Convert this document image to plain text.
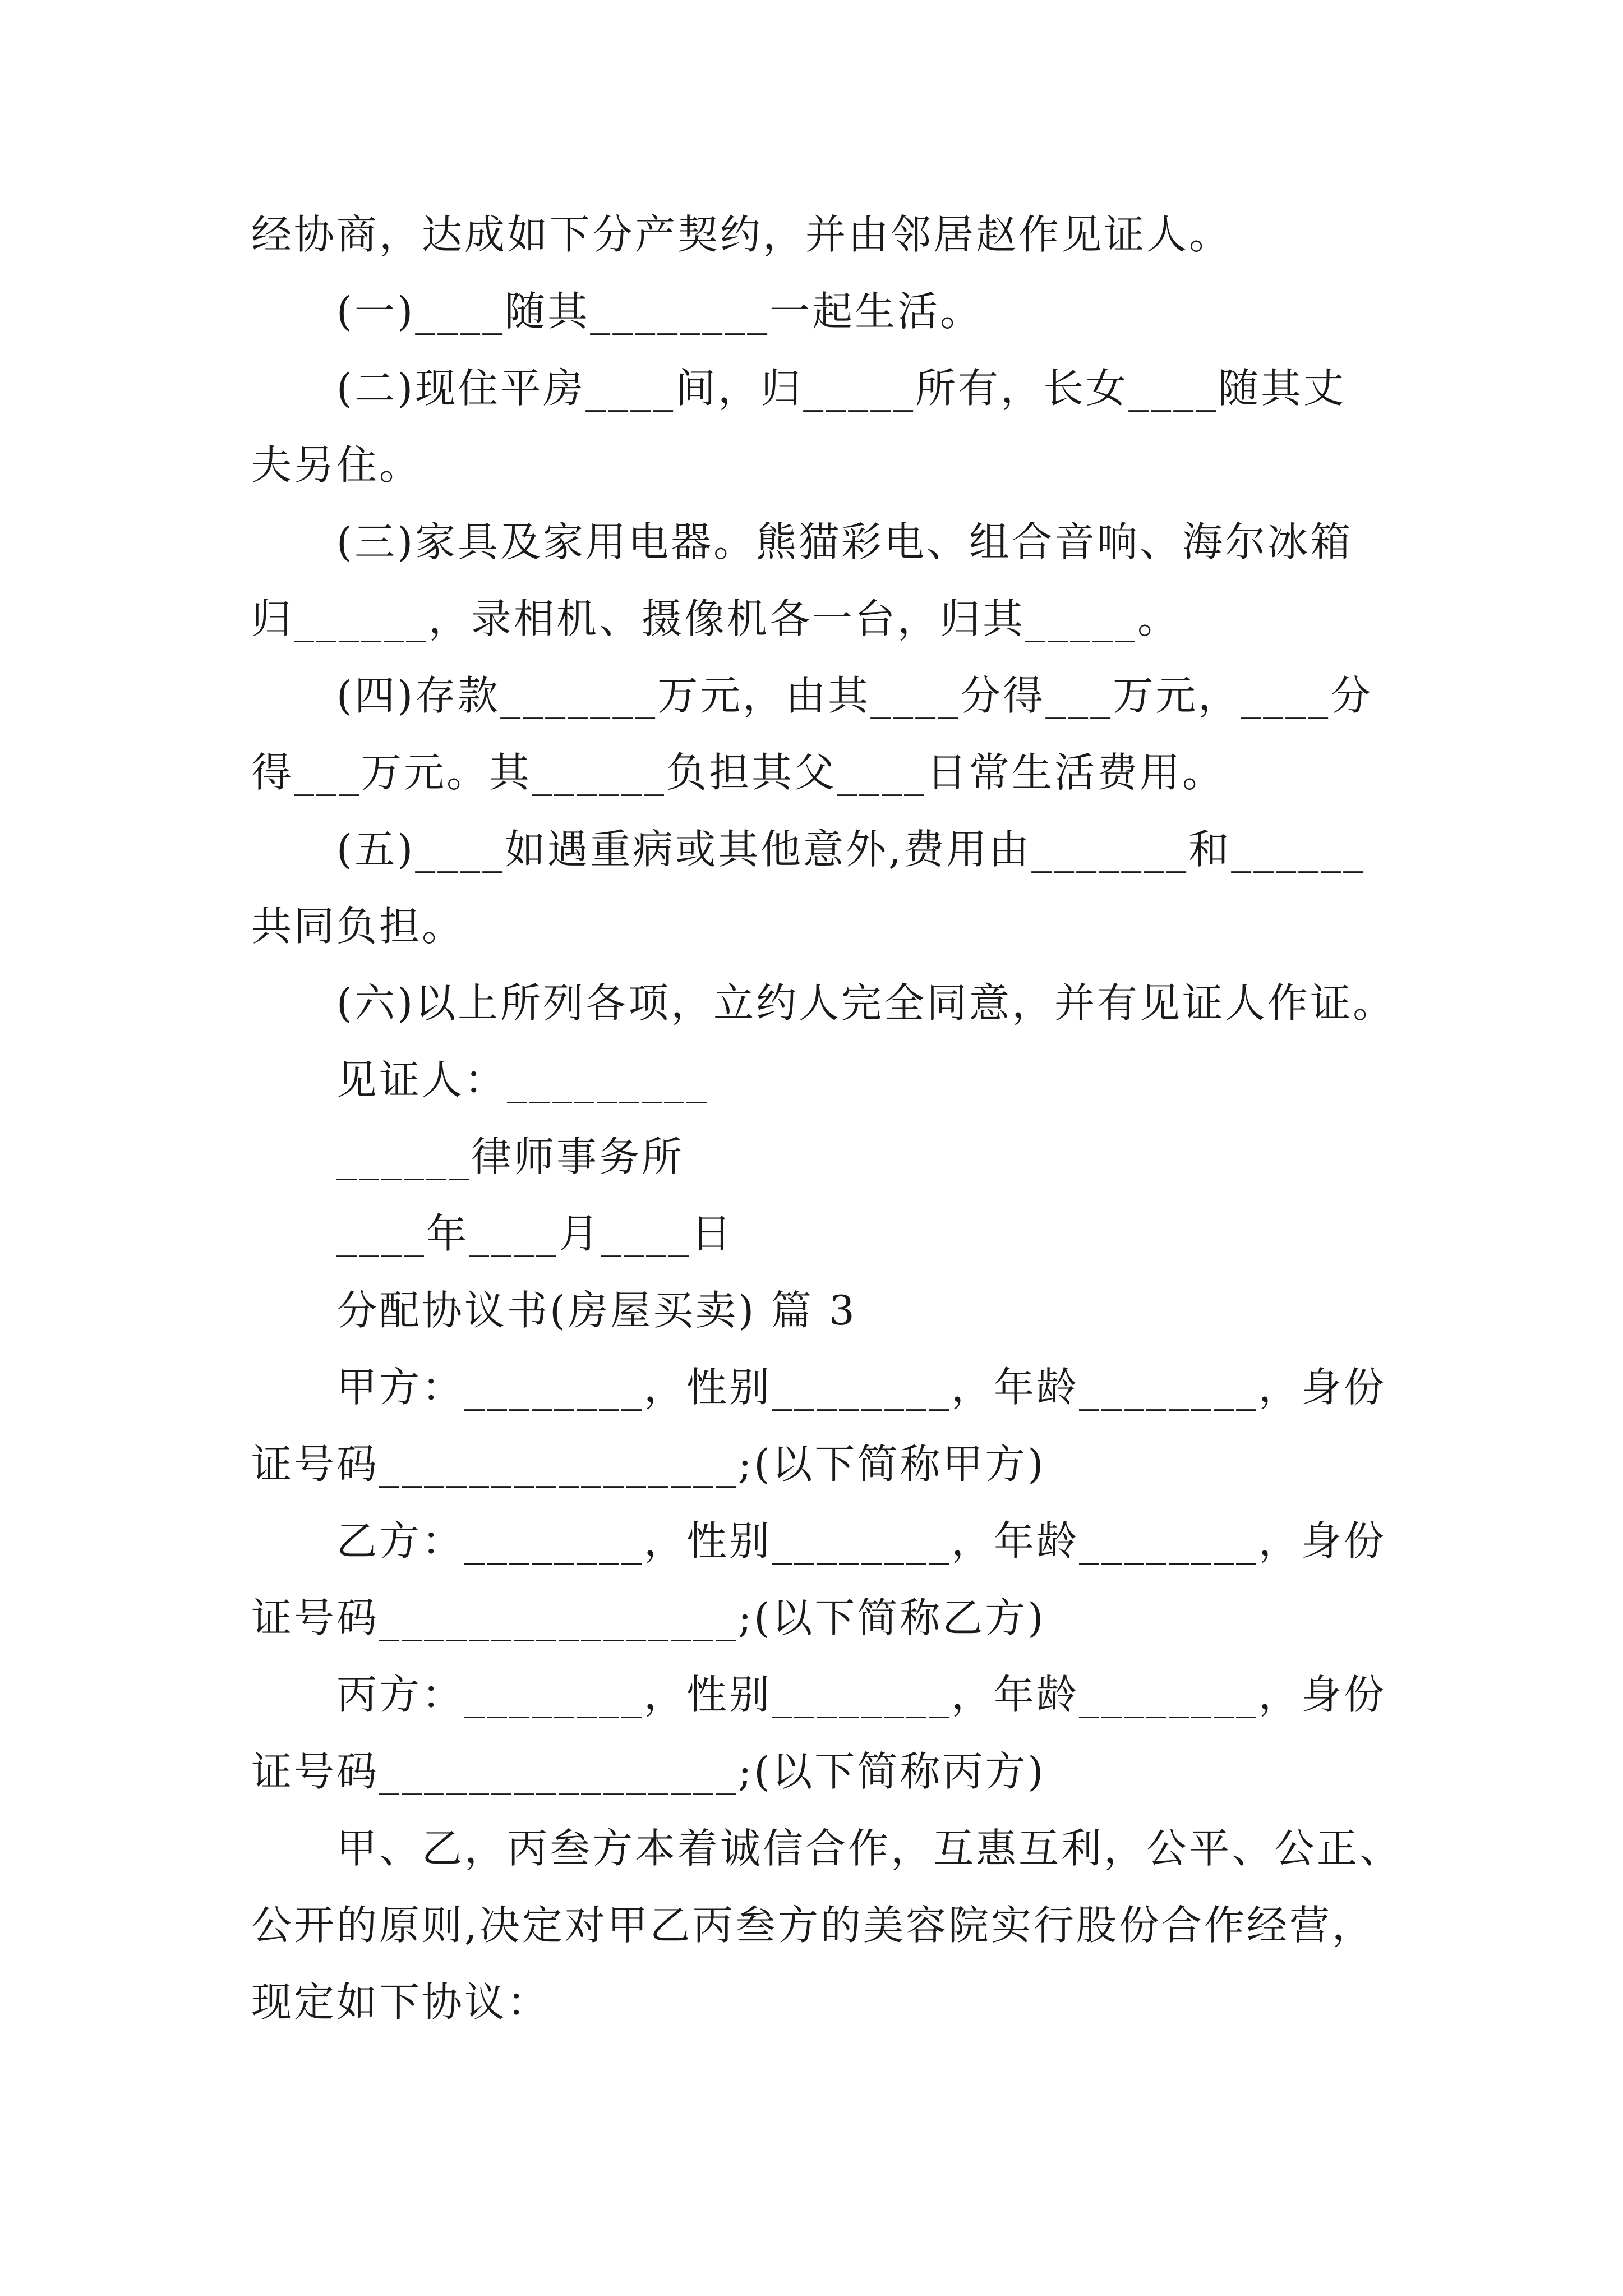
经协商，达成如下分产契约，并由邻居赵作见证人。
(一)____随其________一起生活。
(二)现住平房____间，归_____所有，长女____随其丈
夫另住。
(三)家具及家用电器。熊猫彩电、组合音响、海尔冰箱
归______，录相机、摄像机各一台，归其_____。
(四)存款_______万元，由其____分得___万元，____分
得___万元。其______负担其父____日常生活费用。
(五)____如遇重病或其他意外,费用由_______和______
共同负担。
(六)以上所列各项，立约人完全同意，并有见证人作证。
见证人：_________
______律师事务所
____年____月____日
分配协议书(房屋买卖) 篇 3
甲方：________，性别________，年龄________，身份
证号码________________;(以下简称甲方)
乙方：________，性别________，年龄________，身份
证号码________________;(以下简称乙方)
丙方：________，性别________，年龄________，身份
证号码________________;(以下简称丙方)
甲、乙，丙叁方本着诚信合作，互惠互利，公平、公正、
公开的原则,决定对甲乙丙叁方的美容院实行股份合作经营，
现定如下协议：
